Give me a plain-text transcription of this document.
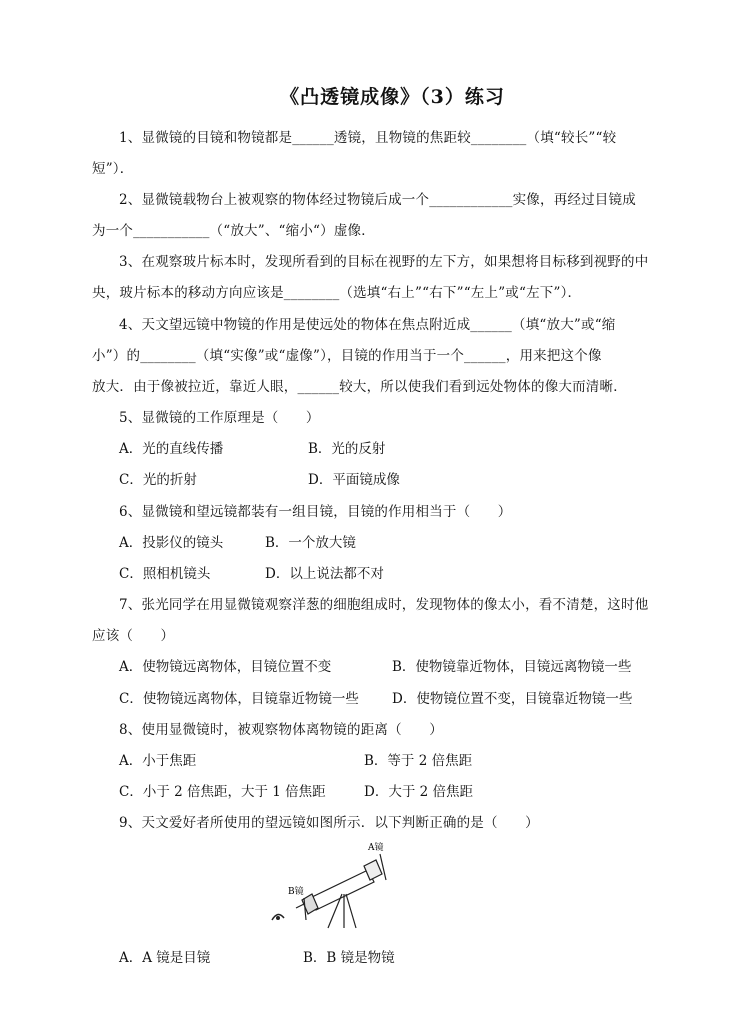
《凸透镜成像》（3）练习
1、显微镜的目镜和物镜都是______透镜，且物镜的焦距较________（填“较长”“较
短”）．
2、显微镜载物台上被观察的物体经过物镜后成一个____________实像，再经过目镜成
为一个___________（“放大”、“缩小“）虚像．
3、在观察玻片标本时，发现所看到的目标在视野的左下方，如果想将目标移到视野的中
央，玻片标本的移动方向应该是________（选填“右上”“右下”“左上”或“左下”）．
4、天文望远镜中物镜的作用是使远处的物体在焦点附近成______（填“放大”或“缩
小”）的________（填“实像”或“虚像”），目镜的作用当于一个______，用来把这个像
放大．由于像被拉近，靠近人眼，______较大，所以使我们看到远处物体的像大而清晰．
5、显微镜的工作原理是（　　）
A．光的直线传播	B．光的反射
C．光的折射	D．平面镜成像
6、显微镜和望远镜都装有一组目镜，目镜的作用相当于（　　）
A．投影仪的镜头	B．一个放大镜
C．照相机镜头	D．以上说法都不对
7、张光同学在用显微镜观察洋葱的细胞组成时，发现物体的像太小，看不清楚，这时他
应该（　　）
A．使物镜远离物体，目镜位置不变	B．使物镜靠近物体，目镜远离物镜一些
C．使物镜远离物体，目镜靠近物镜一些 D．使物镜位置不变，目镜靠近物镜一些
8、使用显微镜时，被观察物体离物镜的距离（　　）
A．小于焦距	B．等于 2 倍焦距
C．小于 2 倍焦距，大于 1 倍焦距	D．大于 2 倍焦距
9、天文爱好者所使用的望远镜如图所示．以下判断正确的是（　　）
A镜
B镜
A．A 镜是目镜	B．B 镜是物镜
